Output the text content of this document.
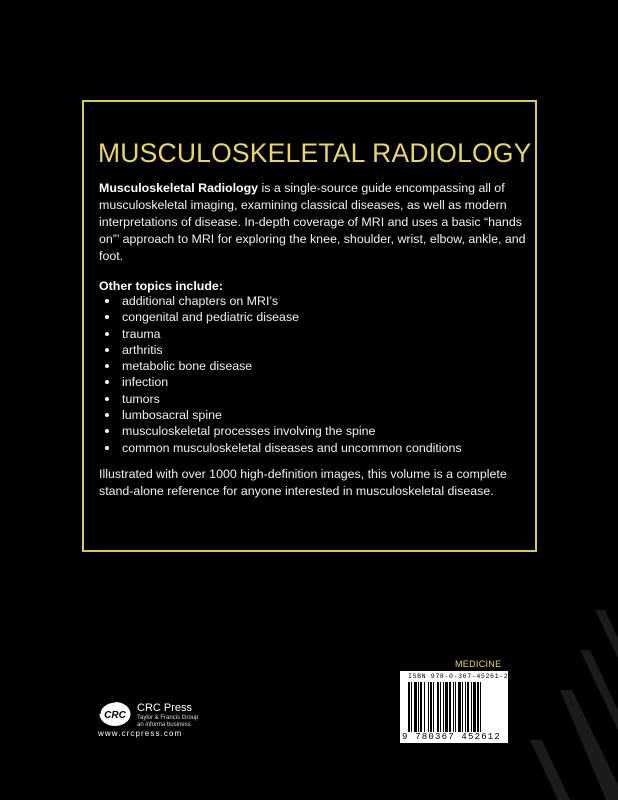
MUSCULOSKELETAL RADIOLOGY

Musculoskeletal Radiology is a single-source guide encompassing all of musculoskeletal imaging, examining classical diseases, as well as modern interpretations of disease. In-depth coverage of MRI and uses a basic “hands on”’ approach to MRI for exploring the knee, shoulder, wrist, elbow, ankle, and foot.

Other topics include:

additional chapters on MRI’s
congenital and pediatric disease
trauma
arthritis
metabolic bone disease
infection
tumors
lumbosacral spine
musculoskeletal processes involving the spine
common musculoskeletal diseases and uncommon conditions

Illustrated with over 1000 high-definition images, this volume is a complete stand-alone reference for anyone interested in musculoskeletal disease.

MEDICINE

ISBN 978-0-367-45261-2
9 780367 452612
CRC

CRC Press

Taylor & Francis Group

an informa business

www.crcpress.com
